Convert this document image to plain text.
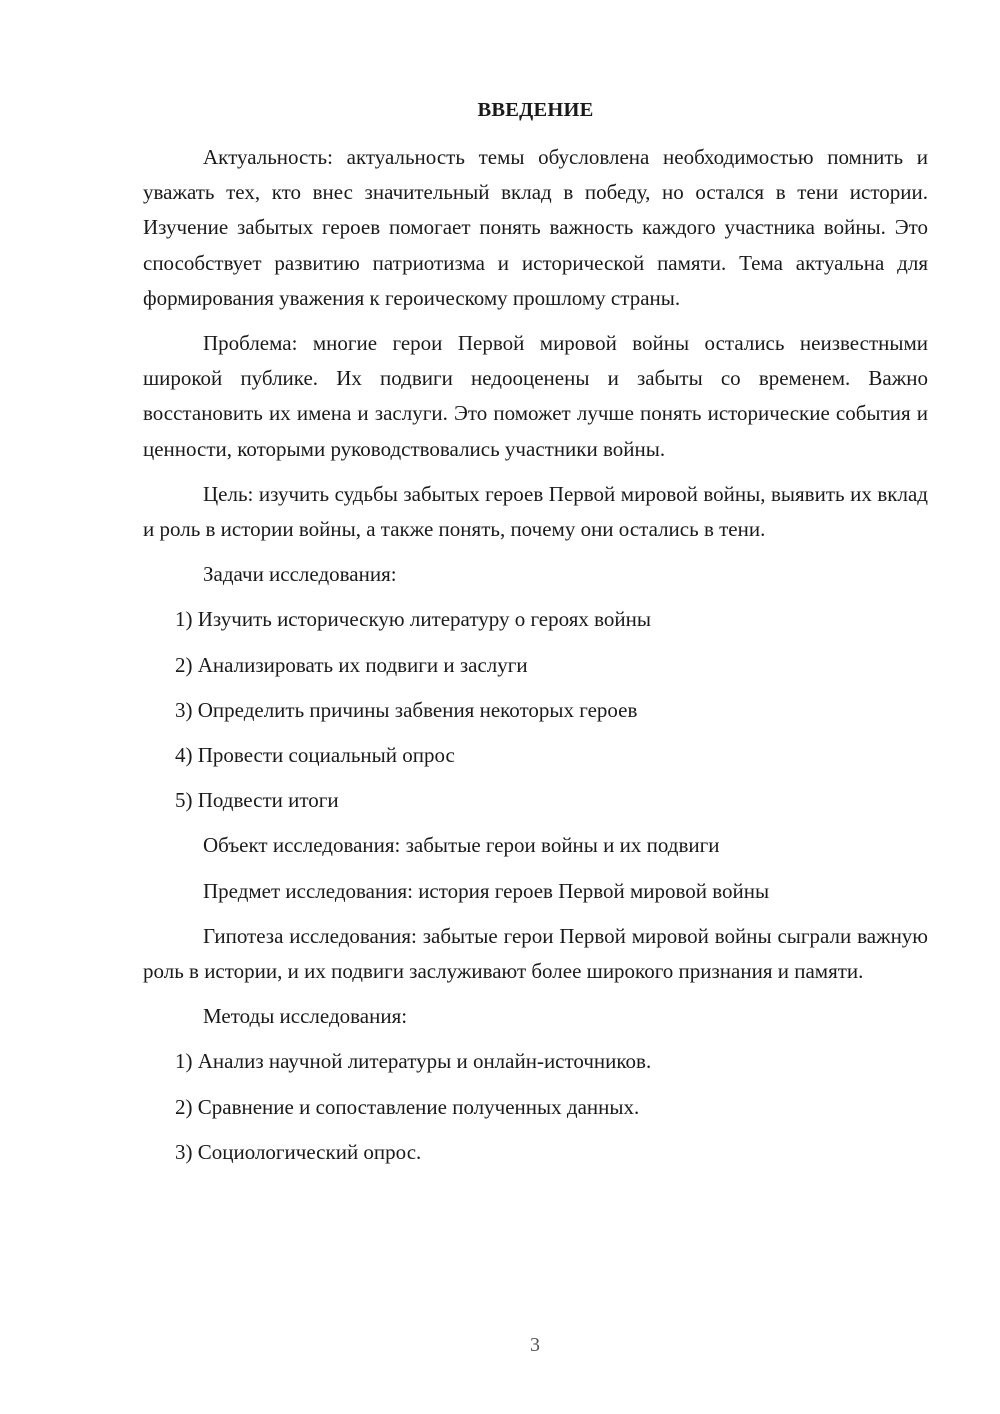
ВВЕДЕНИЕ

Актуальность: актуальность темы обусловлена необходимостью помнить и уважать тех, кто внес значительный вклад в победу, но остался в тени истории. Изучение забытых героев помогает понять важность каждого участника войны. Это способствует развитию патриотизма и исторической памяти. Тема актуальна для формирования уважения к героическому прошлому страны.

Проблема: многие герои Первой мировой войны остались неизвестными широкой публике. Их подвиги недооценены и забыты со временем. Важно восстановить их имена и заслуги. Это поможет лучше понять исторические события и ценности, которыми руководствовались участники войны.

Цель: изучить судьбы забытых героев Первой мировой войны, выявить их вклад и роль в истории войны, а также понять, почему они остались в тени.

Задачи исследования:

1) Изучить историческую литературу о героях войны

2) Анализировать их подвиги и заслуги

3) Определить причины забвения некоторых героев

4) Провести социальный опрос

5) Подвести итоги

Объект исследования: забытые герои войны и их подвиги

Предмет исследования: история героев Первой мировой войны

Гипотеза исследования: забытые герои Первой мировой войны сыграли важную роль в истории, и их подвиги заслуживают более широкого признания и памяти.

Методы исследования:

1) Анализ научной литературы и онлайн-источников.

2) Сравнение и сопоставление полученных данных.

3) Социологический опрос.

3
